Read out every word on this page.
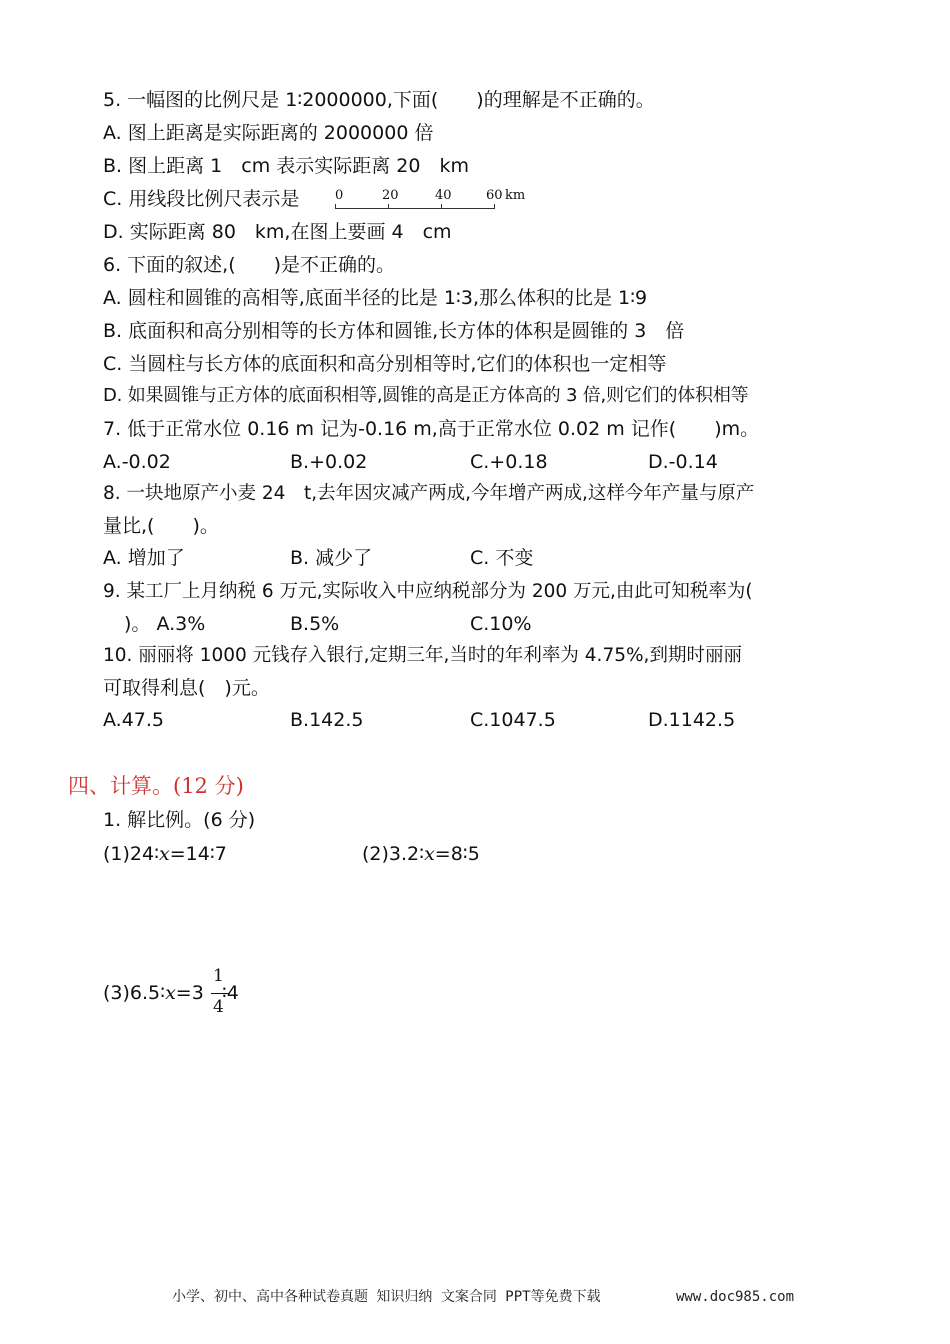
5. 一幅图的比例尺是 1∶2000000,下面(　　)的理解是不正确的。
A. 图上距离是实际距离的 2000000 倍
B. 图上距离 1　cm 表示实际距离 20　km
C. 用线段比例尺表示是	0	20	40	60 km
D. 实际距离 80　km,在图上要画 4　cm
6. 下面的叙述,(　　)是不正确的。
A. 圆柱和圆锥的高相等,底面半径的比是 1∶3,那么体积的比是 1∶9
B. 底面积和高分别相等的长方体和圆锥,长方体的体积是圆锥的 3　倍
C. 当圆柱与长方体的底面积和高分别相等时,它们的体积也一定相等
D. 如果圆锥与正方体的底面积相等,圆锥的高是正方体高的 3 倍,则它们的体积相等
7. 低于正常水位 0.16 m 记为-0.16 m,高于正常水位 0.02 m 记作(　　)m。
A.-0.02	B.+0.02	C.+0.18	D.-0.14
8. 一块地原产小麦 24　t,去年因灾减产两成,今年增产两成,这样今年产量与原产
量比,(　　)。
A. 增加了	B. 减少了	C. 不变
9. 某工厂上月纳税 6 万元,实际收入中应纳税部分为 200 万元,由此可知税率为(
)。 A.3%	B.5%	C.10%
10. 丽丽将 1000 元钱存入银行,定期三年,当时的年利率为 4.75%,到期时丽丽
可取得利息(　)元。
A.47.5	B.142.5	C.1047.5	D.1142.5
四、计算。(12 分)
1. 解比例。(6 分)
(1)24∶x=14∶7	(2)3.2∶x=8∶5
(3)6.5∶x=3 ∶4
1
4
小学、初中、高中各种试卷真题 知识归纳 文案合同 PPT等免费下载	www.doc985.com
